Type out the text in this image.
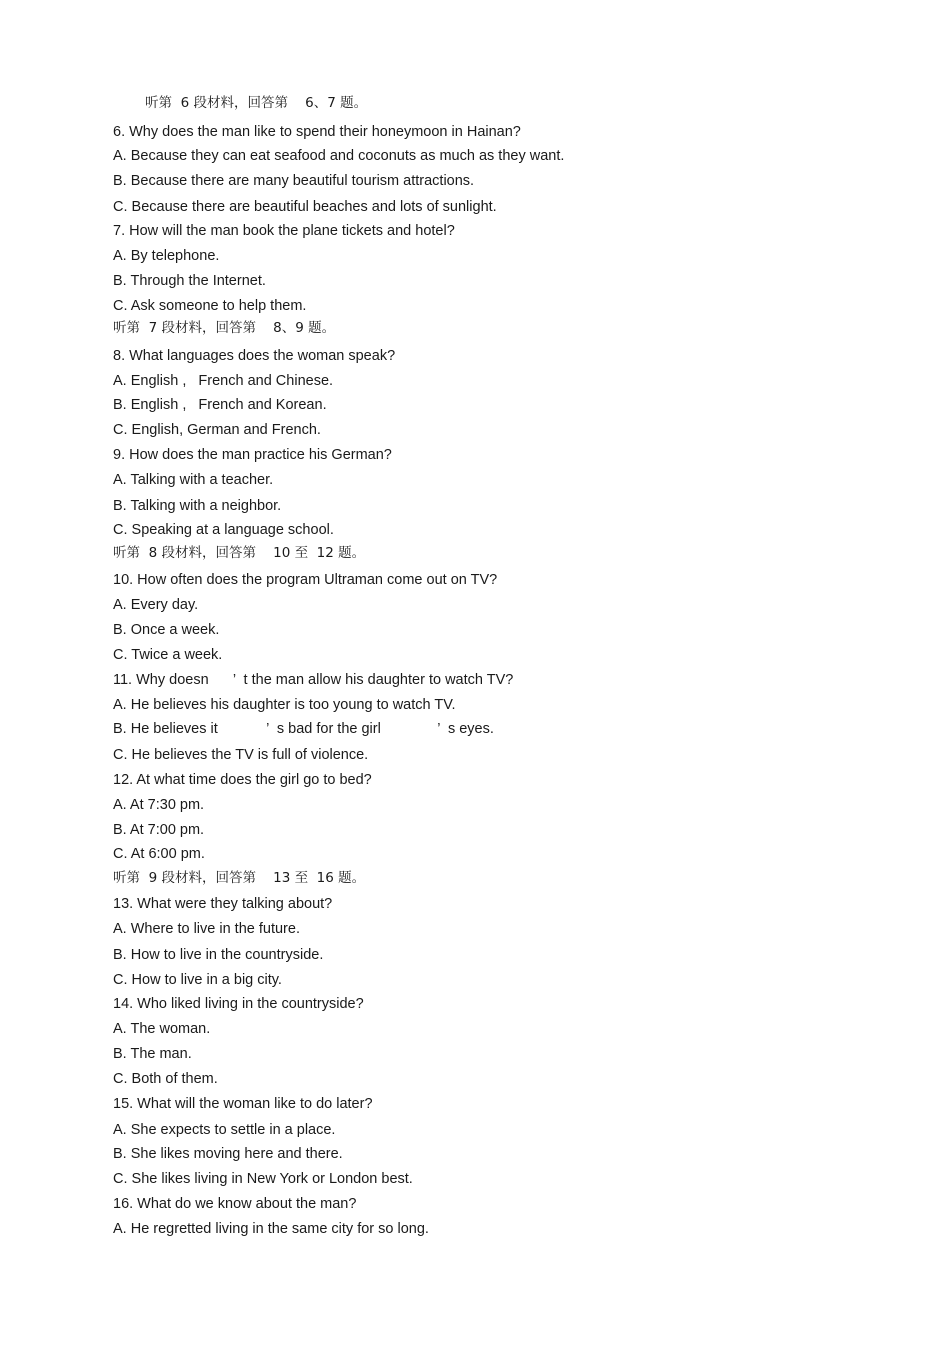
听第  6 段材料，回答第    6、7 题。
6. Why does the man like to spend their honeymoon in Hainan?
A. Because they can eat seafood and coconuts as much as they want.
B. Because there are many beautiful tourism attractions.
C. Because there are beautiful beaches and lots of sunlight.
7. How will the man book the plane tickets and hotel?
A. By telephone.
B. Through the Internet.
C. Ask someone to help them.
听第  7 段材料，回答第    8、9 题。
8. What languages does the woman speak?
A. English ,   French and Chinese.
B. English ,   French and Korean.
C. English, German and French.
9. How does the man practice his German?
A. Talking with a teacher.
B. Talking with a neighbor.
C. Speaking at a language school.
听第  8 段材料，回答第    10 至  12 题。
10. How often does the program Ultraman come out on TV?
A. Every day.
B. Once a week.
C. Twice a week.
11. Why doesn      ’  t the man allow his daughter to watch TV?
A. He believes his daughter is too young to watch TV.
B. He believes it            ’  s bad for the girl              ’  s eyes.
C. He believes the TV is full of violence.
12. At what time does the girl go to bed?
A. At 7:30 pm.
B. At 7:00 pm.
C. At 6:00 pm.
听第  9 段材料，回答第    13 至  16 题。
13. What were they talking about?
A. Where to live in the future.
B. How to live in the countryside.
C. How to live in a big city.
14. Who liked living in the countryside?
A. The woman.
B. The man.
C. Both of them.
15. What will the woman like to do later?
A. She expects to settle in a place.
B. She likes moving here and there.
C. She likes living in New York or London best.
16. What do we know about the man?
A. He regretted living in the same city for so long.
